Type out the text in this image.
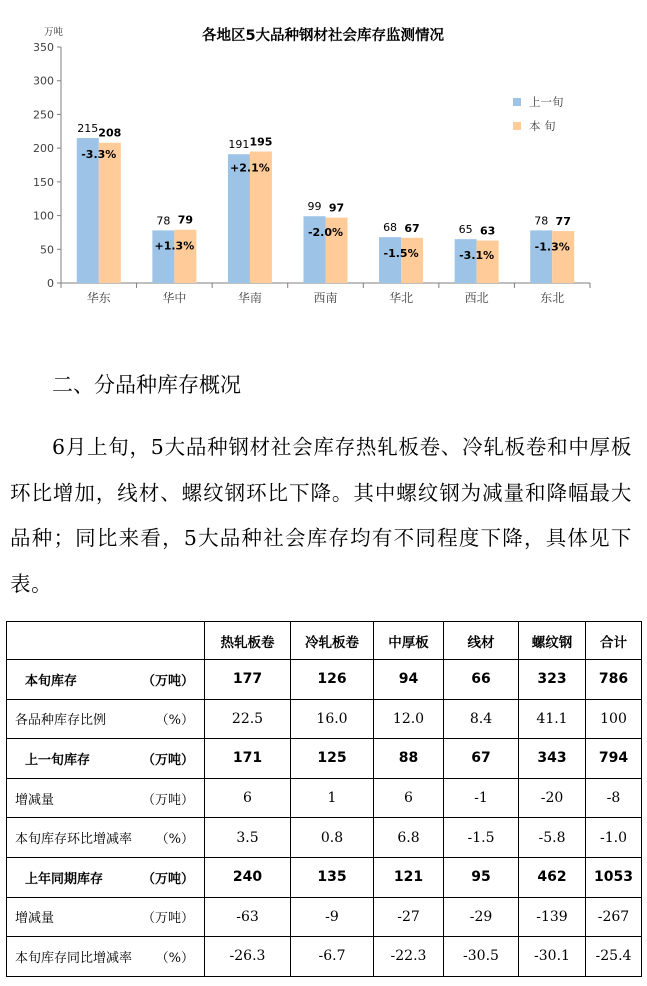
各地区5大品种钢材社会库存监测情况
万吨
0
50
100
150
200
250
300
350
215 208
-3.3%
华东
78 79
+1.3%
华中
191 195
+2.1%
华南
99 97
-2.0%
西南
68 67
-1.5%
华北
65 63
-3.1%
西北
78 77
-1.3%
东北
上一旬
本 旬
二、分品种库存概况
6月上旬，5大品种钢材社会库存热轧板卷、冷轧板卷和中厚板环比增加，线材、螺纹钢环比下降。其中螺纹钢为减量和降幅最大品种；同比来看，5大品种社会库存均有不同程度下降，具体见下表。
	热轧板卷	冷轧板卷	中厚板	线材	螺纹钢	合计

（万吨）
本旬库存	177	126	94	66	323	786

（%）
各品种库存比例	22.5	16.0	12.0	8.4	41.1	100

（万吨）
上一旬库存	171	125	88	67	343	794

（万吨）
增减量	6	1	6	-1	-20	-8

（%）
本旬库存环比增减率	3.5	0.8	6.8	-1.5	-5.8	-1.0

（万吨）
上年同期库存	240	135	121	95	462	1053

（万吨）
增减量	-63	-9	-27	-29	-139	-267

（%）
本旬库存同比增减率	-26.3	-6.7	-22.3	-30.5	-30.1	-25.4
